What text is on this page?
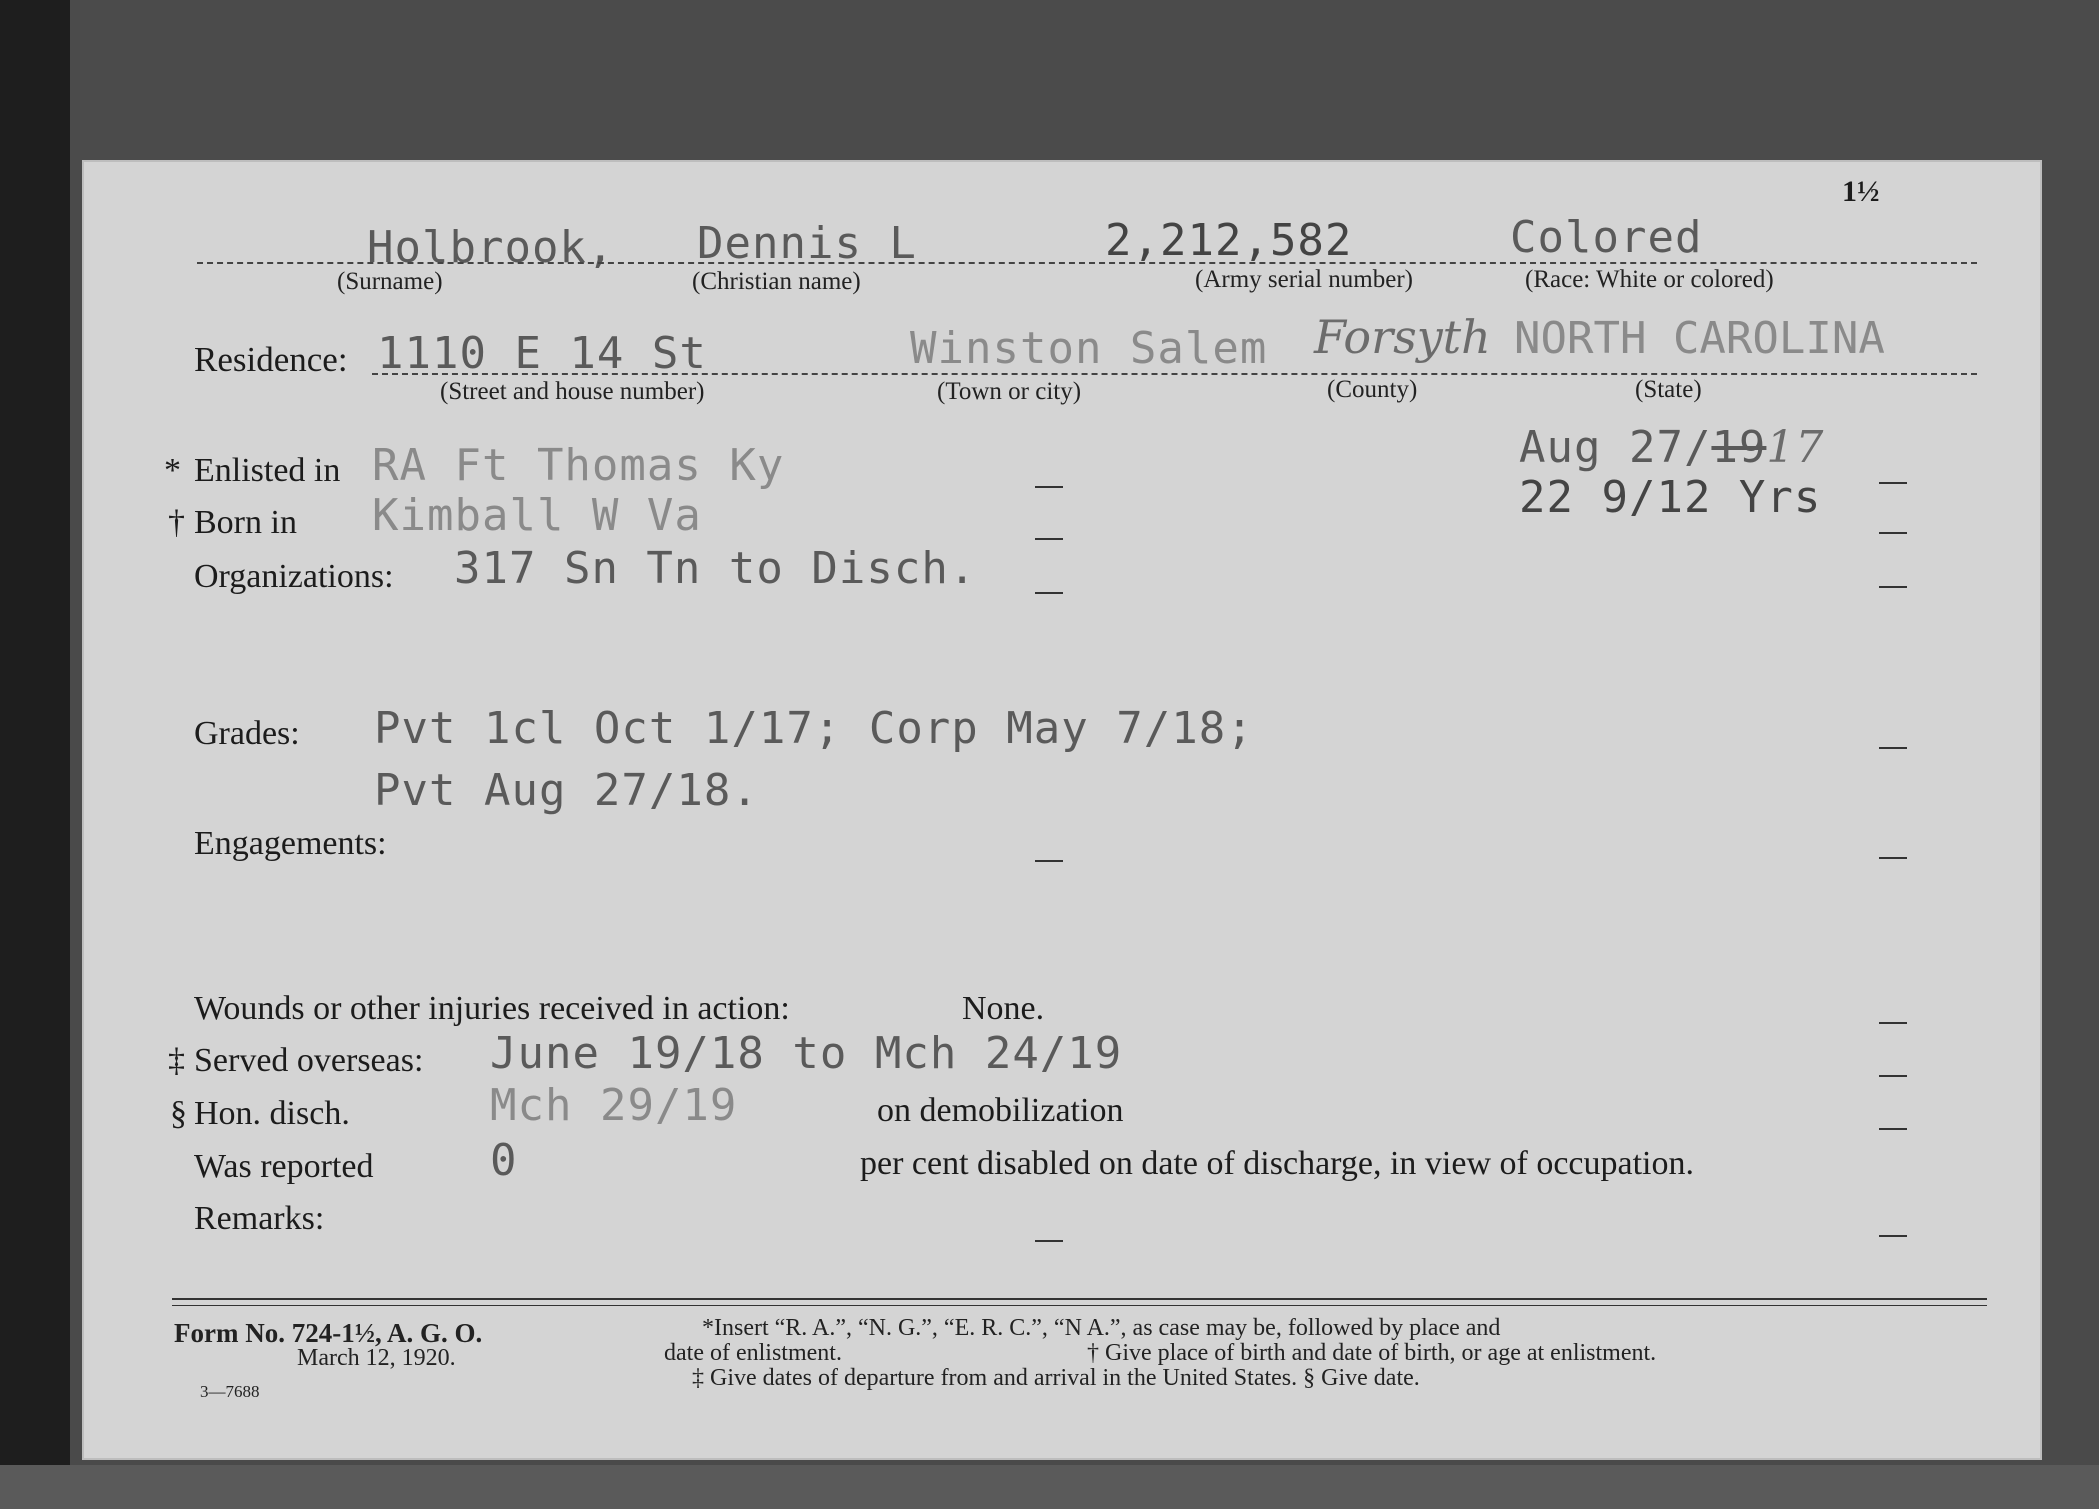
1½
Holbrook, Dennis L	2,212,582	Colored
(Surname)	(Christian name)	(Army serial number)	(Race: White or colored)
Residence: 1110 E 14 St	Winston Salem Forsyth NORTH CAROLINA
(Street and house number)	(Town or city)	(County)	(State)
* Enlisted in RA Ft Thomas Ky	Aug 27/1917
† Born in Kimball W Va	22 9/12 Yrs
Organizations: 317 Sn Tn to Disch.
Grades: Pvt 1cl Oct 1/17; Corp May 7/18;
Pvt Aug 27/18.
Engagements:
Wounds or other injuries received in action:	None.
‡ Served overseas: June 19/18 to Mch 24/19
§ Hon. disch.	Mch 29/19	on demobilization
Was reported	0	per cent disabled on date of discharge, in view of occupation.
Remarks:
Form No. 724-1½, A. G. O.
March 12, 1920.
3—7688
*Insert “R. A.”, “N. G.”, “E. R. C.”, “N A.”, as case may be, followed by place and
date of enlistment.	† Give place of birth and date of birth, or age at enlistment.
‡ Give dates of departure from and arrival in the United States. § Give date.
